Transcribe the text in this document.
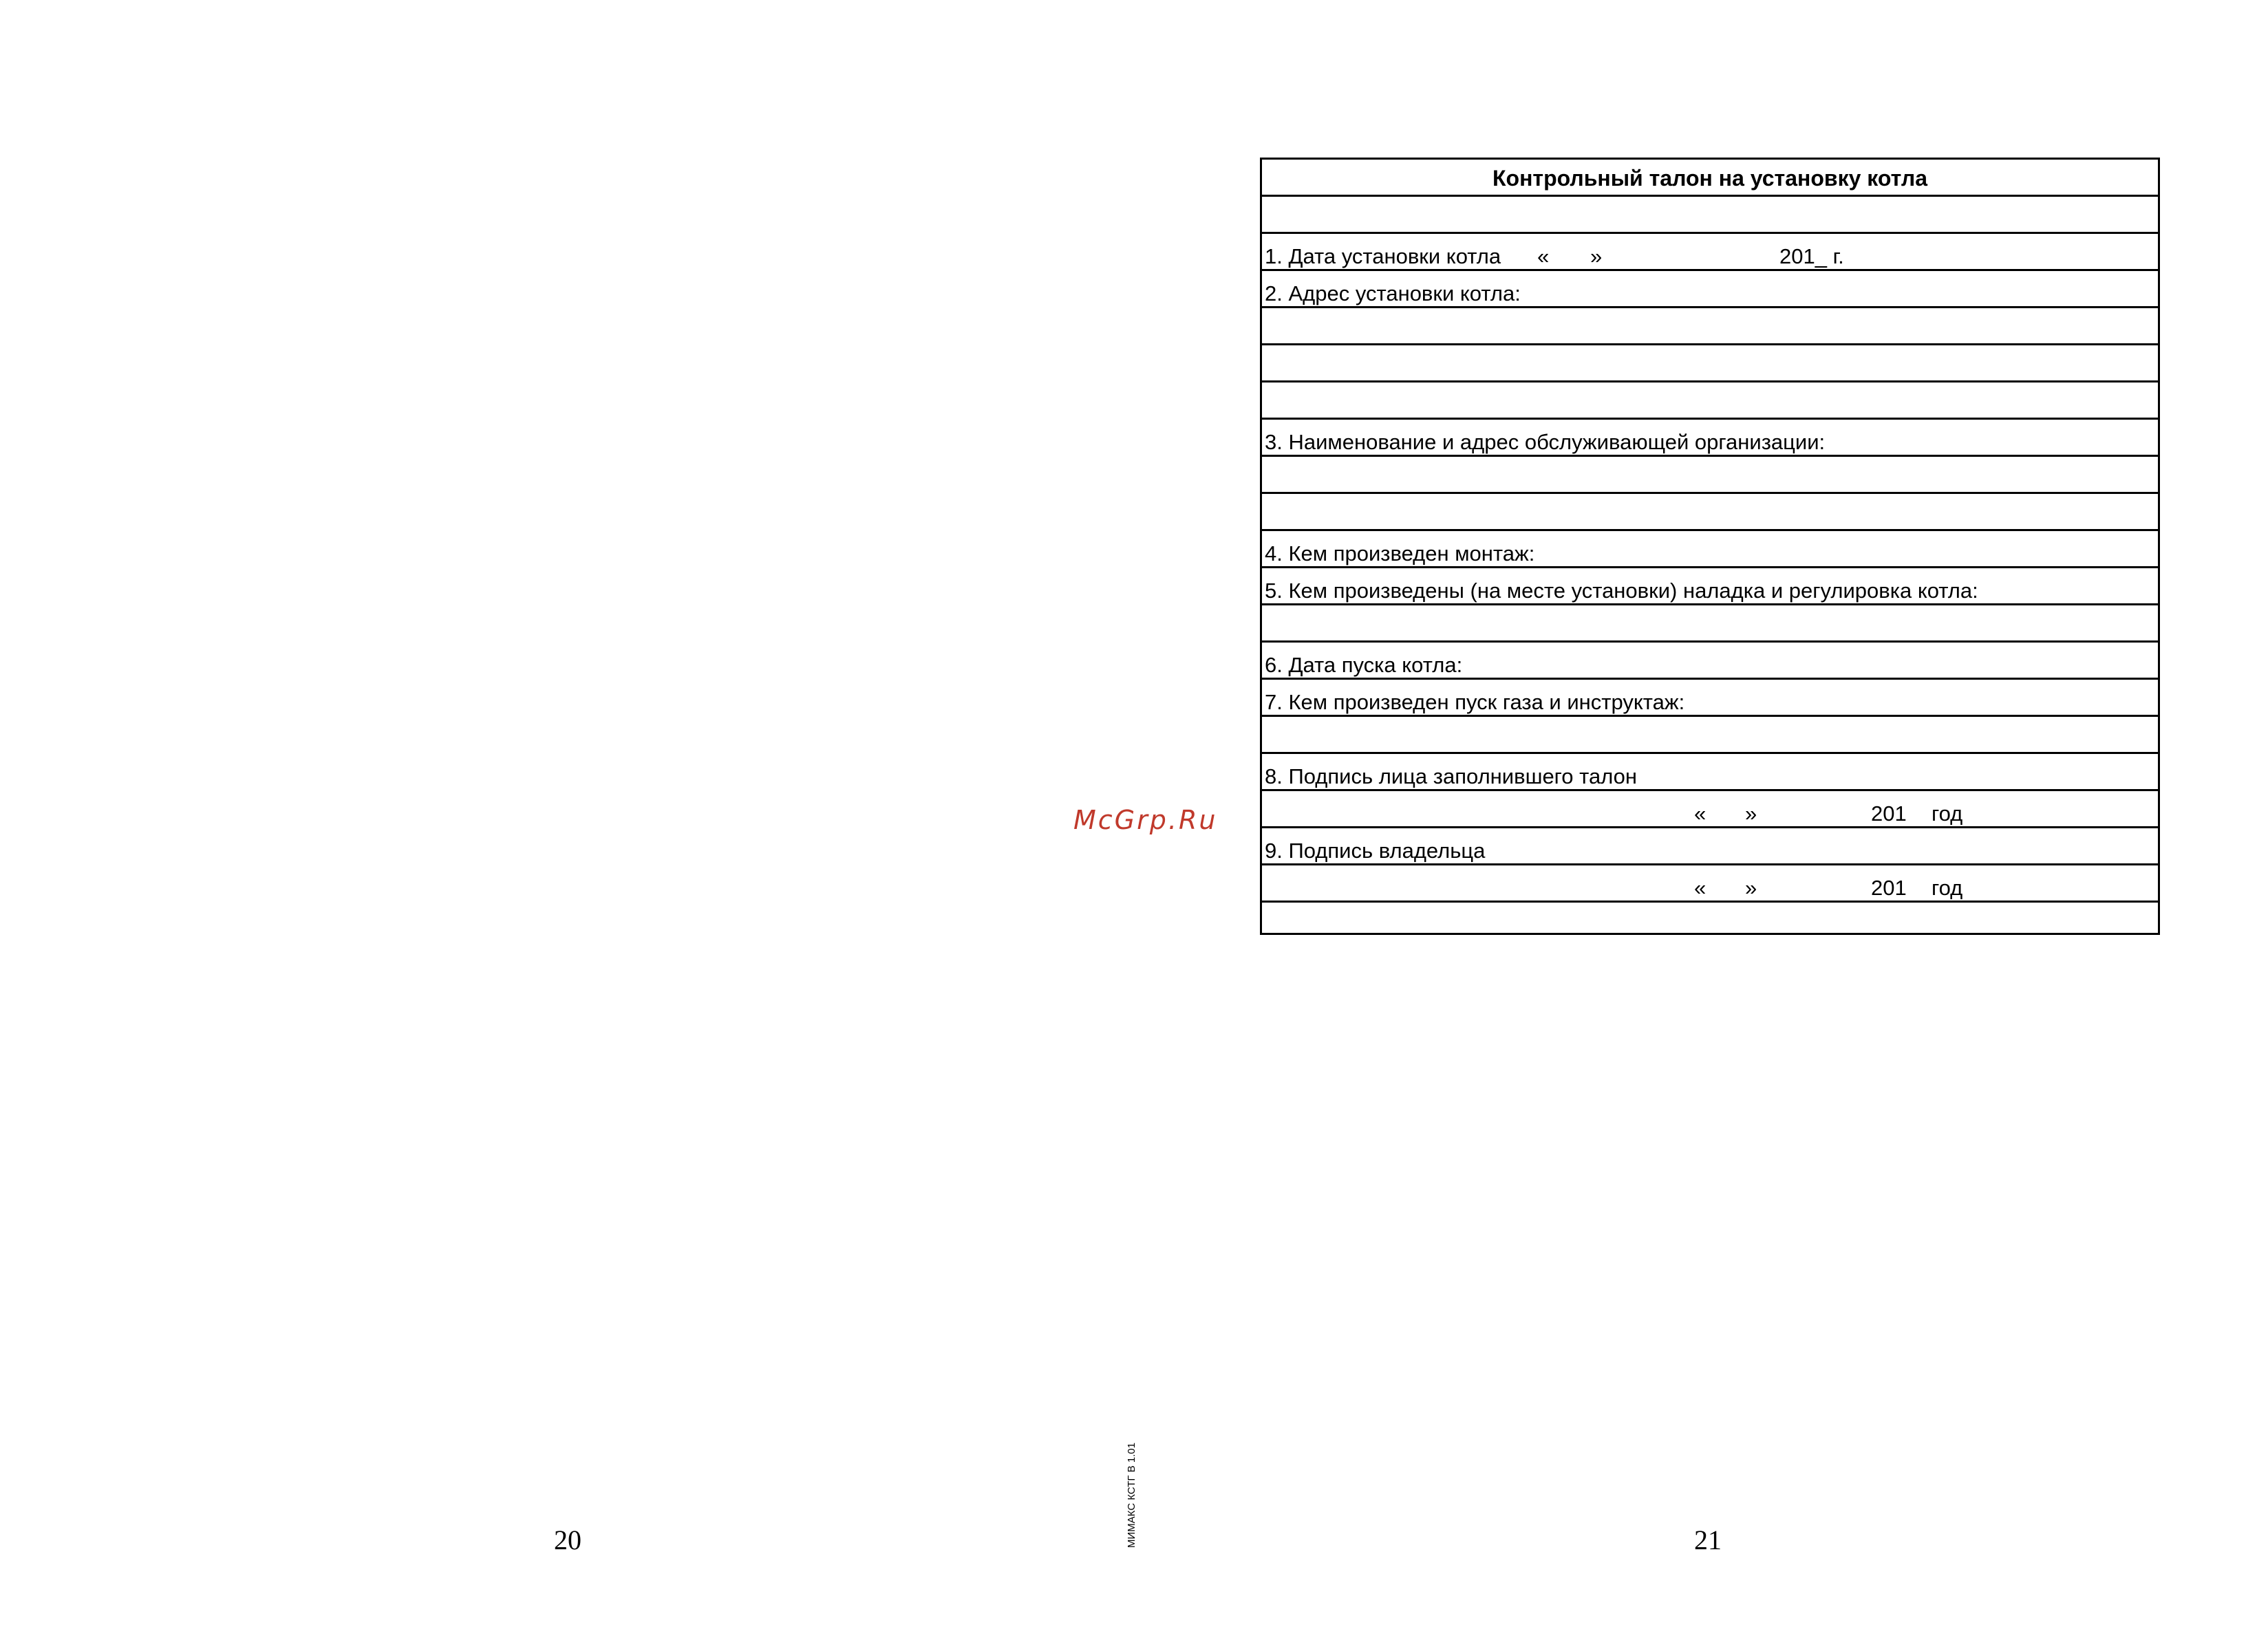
McGrp.Ru
Контрольный талон на установку котла
1. Дата установки котла « »	201_ г.
2. Адрес установки котла:
3. Наименование и адрес обслуживающей организации:
4. Кем произведен монтаж:
5. Кем произведены (на месте установки) наладка и регулировка котла:
6. Дата пуска котла:
7. Кем произведен пуск газа и инструктаж:
8. Подпись лица заполнившего талон
« »	201 год
9. Подпись владельца
« »	201 год
МИМАКС КСТГ В 1.01
20	21
